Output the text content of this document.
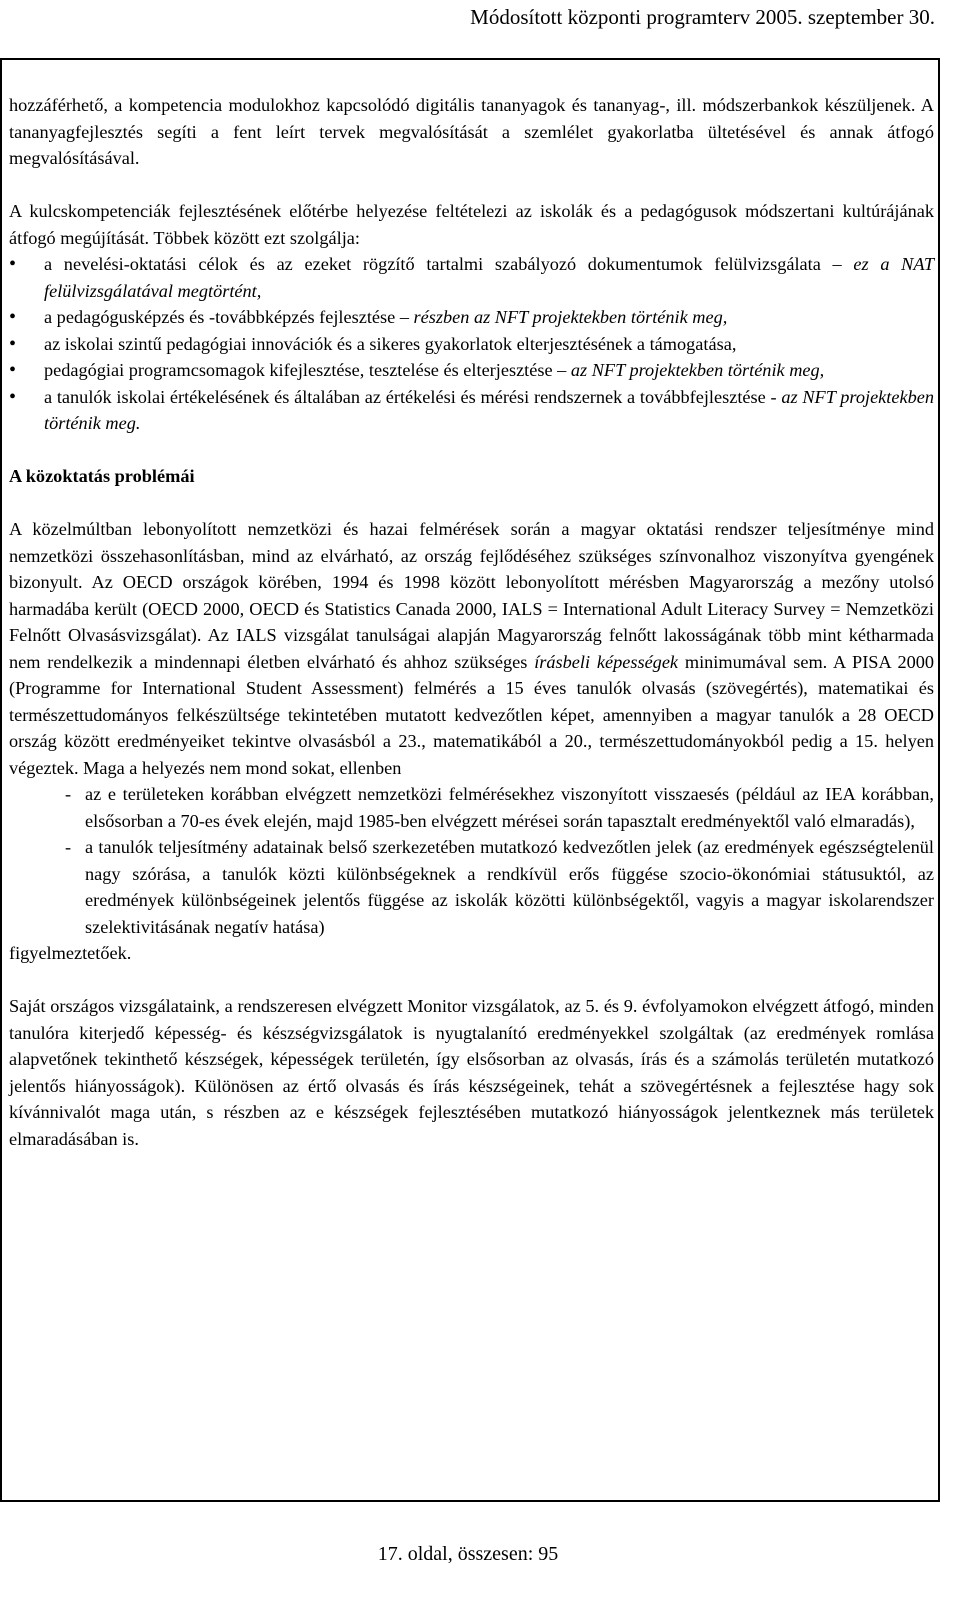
Módosított központi programterv 2005. szeptember 30.

hozzáférhető, a kompetencia modulokhoz kapcsolódó digitális tananyagok és tananyag-, ill. módszerbankok készüljenek. A tananyagfejlesztés segíti a fent leírt tervek megvalósítását a szemlélet gyakorlatba ültetésével és annak átfogó megvalósításával.

A kulcskompetenciák fejlesztésének előtérbe helyezése feltételezi az iskolák és a pedagógusok módszertani kultúrájának átfogó megújítását. Többek között ezt szolgálja:

• a nevelési-oktatási célok és az ezeket rögzítő tartalmi szabályozó dokumentumok felülvizsgálata – ez a NAT felülvizsgálatával megtörtént,
• a pedagógusképzés és -továbbképzés fejlesztése – részben az NFT projektekben történik meg,
• az iskolai szintű pedagógiai innovációk és a sikeres gyakorlatok elterjesztésének a támogatása,
• pedagógiai programcsomagok kifejlesztése, tesztelése és elterjesztése – az NFT projektekben történik meg,
• a tanulók iskolai értékelésének és általában az értékelési és mérési rendszernek a továbbfejlesztése - az NFT projektekben történik meg.

A közoktatás problémái

A közelmúltban lebonyolított nemzetközi és hazai felmérések során a magyar oktatási rendszer teljesítménye mind nemzetközi összehasonlításban, mind az elvárható, az ország fejlődéséhez szükséges színvonalhoz viszonyítva gyengének bizonyult. Az OECD országok körében, 1994 és 1998 között lebonyolított mérésben Magyarország a mezőny utolsó harmadába került (OECD 2000, OECD és Statistics Canada 2000, IALS = International Adult Literacy Survey = Nemzetközi Felnőtt Olvasásvizsgálat). Az IALS vizsgálat tanulságai alapján Magyarország felnőtt lakosságának több mint kétharmada nem rendelkezik a mindennapi életben elvárható és ahhoz szükséges írásbeli képességek minimumával sem. A PISA 2000 (Programme for International Student Assessment) felmérés a 15 éves tanulók olvasás (szövegértés), matematikai és természettudományos felkészültsége tekintetében mutatott kedvezőtlen képet, amennyiben a magyar tanulók a 28 OECD ország között eredményeiket tekintve olvasásból a 23., matematikából a 20., természettudományokból pedig a 15. helyen végeztek. Maga a helyezés nem mond sokat, ellenben

- az e területeken korábban elvégzett nemzetközi felmérésekhez viszonyított visszaesés (például az IEA korábban, elsősorban a 70-es évek elején, majd 1985-ben elvégzett mérései során tapasztalt eredményektől való elmaradás),
- a tanulók teljesítmény adatainak belső szerkezetében mutatkozó kedvezőtlen jelek (az eredmények egészségtelenül nagy szórása, a tanulók közti különbségeknek a rendkívül erős függése szocio-ökonómiai státusuktól, az eredmények különbségeinek jelentős függése az iskolák közötti különbségektől, vagyis a magyar iskolarendszer szelektivitásának negatív hatása)

figyelmeztetőek.

Saját országos vizsgálataink, a rendszeresen elvégzett Monitor vizsgálatok, az 5. és 9. évfolyamokon elvégzett átfogó, minden tanulóra kiterjedő képesség- és készségvizsgálatok is nyugtalanító eredményekkel szolgáltak (az eredmények romlása alapvetőnek tekinthető készségek, képességek területén, így elsősorban az olvasás, írás és a számolás területén mutatkozó jelentős hiányosságok). Különösen az értő olvasás és írás készségeinek, tehát a szövegértésnek a fejlesztése hagy sok kívánnivalót maga után, s részben az e készségek fejlesztésében mutatkozó hiányosságok jelentkeznek más területek elmaradásában is.

17. oldal, összesen: 95
